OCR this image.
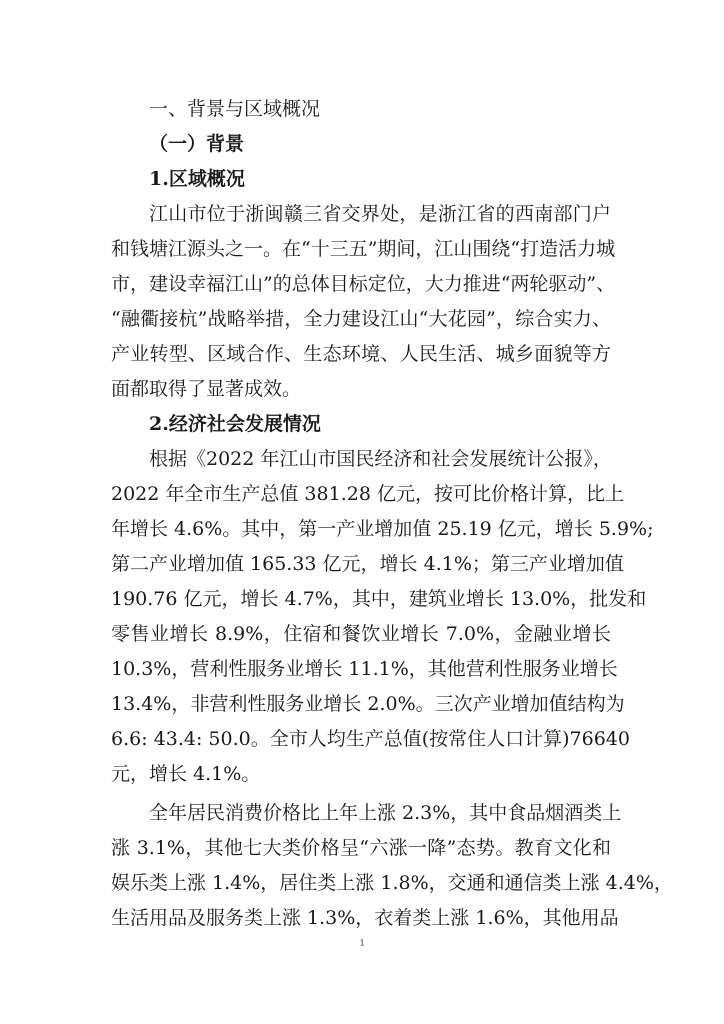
一、背景与区域概况
（一）背景
1.区域概况
江山市位于浙闽赣三省交界处，是浙江省的西南部门户
和钱塘江源头之一。在“十三五”期间，江山围绕“打造活力城
市，建设幸福江山”的总体目标定位，大力推进“两轮驱动”、
“融衢接杭”战略举措，全力建设江山“大花园”，综合实力、
产业转型、区域合作、生态环境、人民生活、城乡面貌等方
面都取得了显著成效。
2.经济社会发展情况
根据《2022 年江山市国民经济和社会发展统计公报》，
2022 年全市生产总值 381.28 亿元，按可比价格计算，比上
年增长 4.6%。其中，第一产业增加值 25.19 亿元，增长 5.9%;
第二产业增加值 165.33 亿元，增长 4.1%；第三产业增加值
190.76 亿元，增长 4.7%，其中，建筑业增长 13.0%，批发和
零售业增长 8.9%，住宿和餐饮业增长 7.0%，金融业增长
10.3%，营利性服务业增长 11.1%，其他营利性服务业增长
13.4%，非营利性服务业增长 2.0%。三次产业增加值结构为
6.6: 43.4: 50.0。全市人均生产总值(按常住人口计算)76640
元，增长 4.1%。
全年居民消费价格比上年上涨 2.3%，其中食品烟酒类上
涨 3.1%，其他七大类价格呈“六涨一降”态势。教育文化和
娱乐类上涨 1.4%，居住类上涨 1.8%，交通和通信类上涨 4.4%，
生活用品及服务类上涨 1.3%，衣着类上涨 1.6%，其他用品
1
